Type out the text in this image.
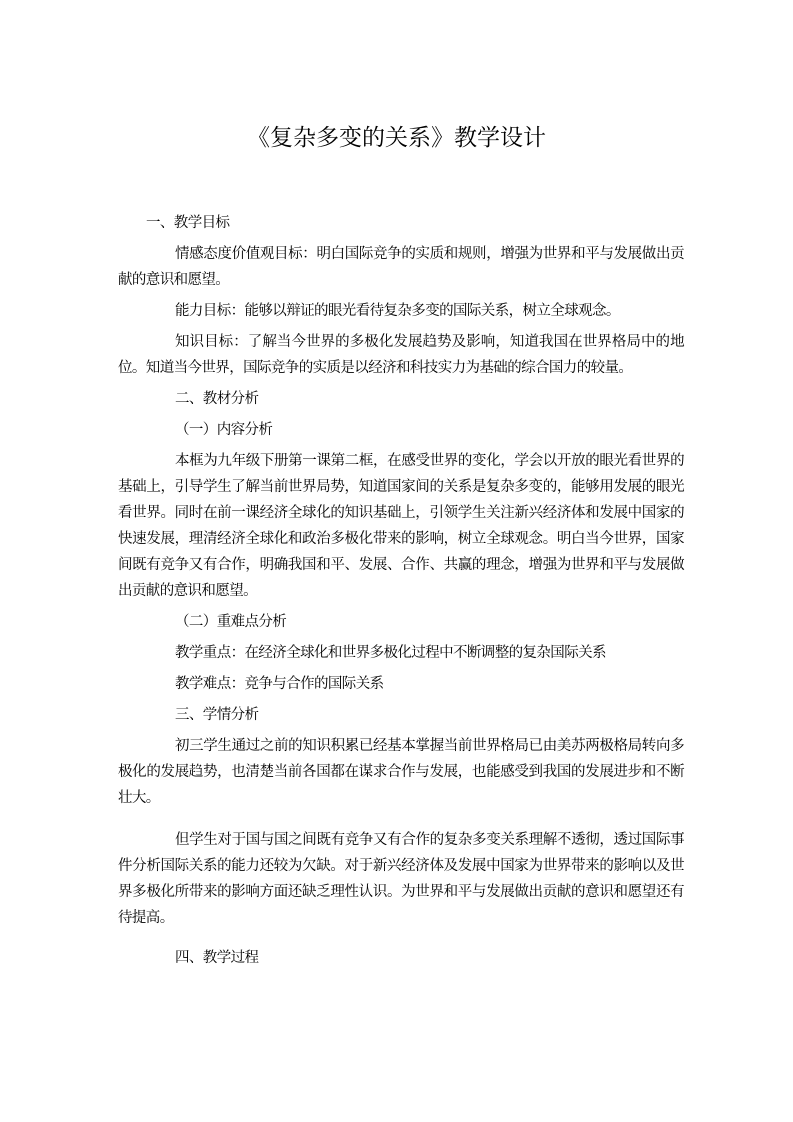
《复杂多变的关系》教学设计

一、教学目标

情感态度价值观目标：明白国际竞争的实质和规则，增强为世界和平与发展做出贡献的意识和愿望。

能力目标：能够以辩证的眼光看待复杂多变的国际关系，树立全球观念。

知识目标：了解当今世界的多极化发展趋势及影响，知道我国在世界格局中的地位。知道当今世界，国际竞争的实质是以经济和科技实力为基础的综合国力的较量。

二、教材分析

（一）内容分析

本框为九年级下册第一课第二框，在感受世界的变化，学会以开放的眼光看世界的基础上，引导学生了解当前世界局势，知道国家间的关系是复杂多变的，能够用发展的眼光看世界。同时在前一课经济全球化的知识基础上，引领学生关注新兴经济体和发展中国家的快速发展，理清经济全球化和政治多极化带来的影响，树立全球观念。明白当今世界，国家间既有竞争又有合作，明确我国和平、发展、合作、共赢的理念，增强为世界和平与发展做出贡献的意识和愿望。

（二）重难点分析

教学重点：在经济全球化和世界多极化过程中不断调整的复杂国际关系

教学难点：竞争与合作的国际关系

三、学情分析

初三学生通过之前的知识积累已经基本掌握当前世界格局已由美苏两极格局转向多极化的发展趋势，也清楚当前各国都在谋求合作与发展，也能感受到我国的发展进步和不断壮大。

但学生对于国与国之间既有竞争又有合作的复杂多变关系理解不透彻，透过国际事件分析国际关系的能力还较为欠缺。对于新兴经济体及发展中国家为世界带来的影响以及世界多极化所带来的影响方面还缺乏理性认识。为世界和平与发展做出贡献的意识和愿望还有待提高。

四、教学过程
